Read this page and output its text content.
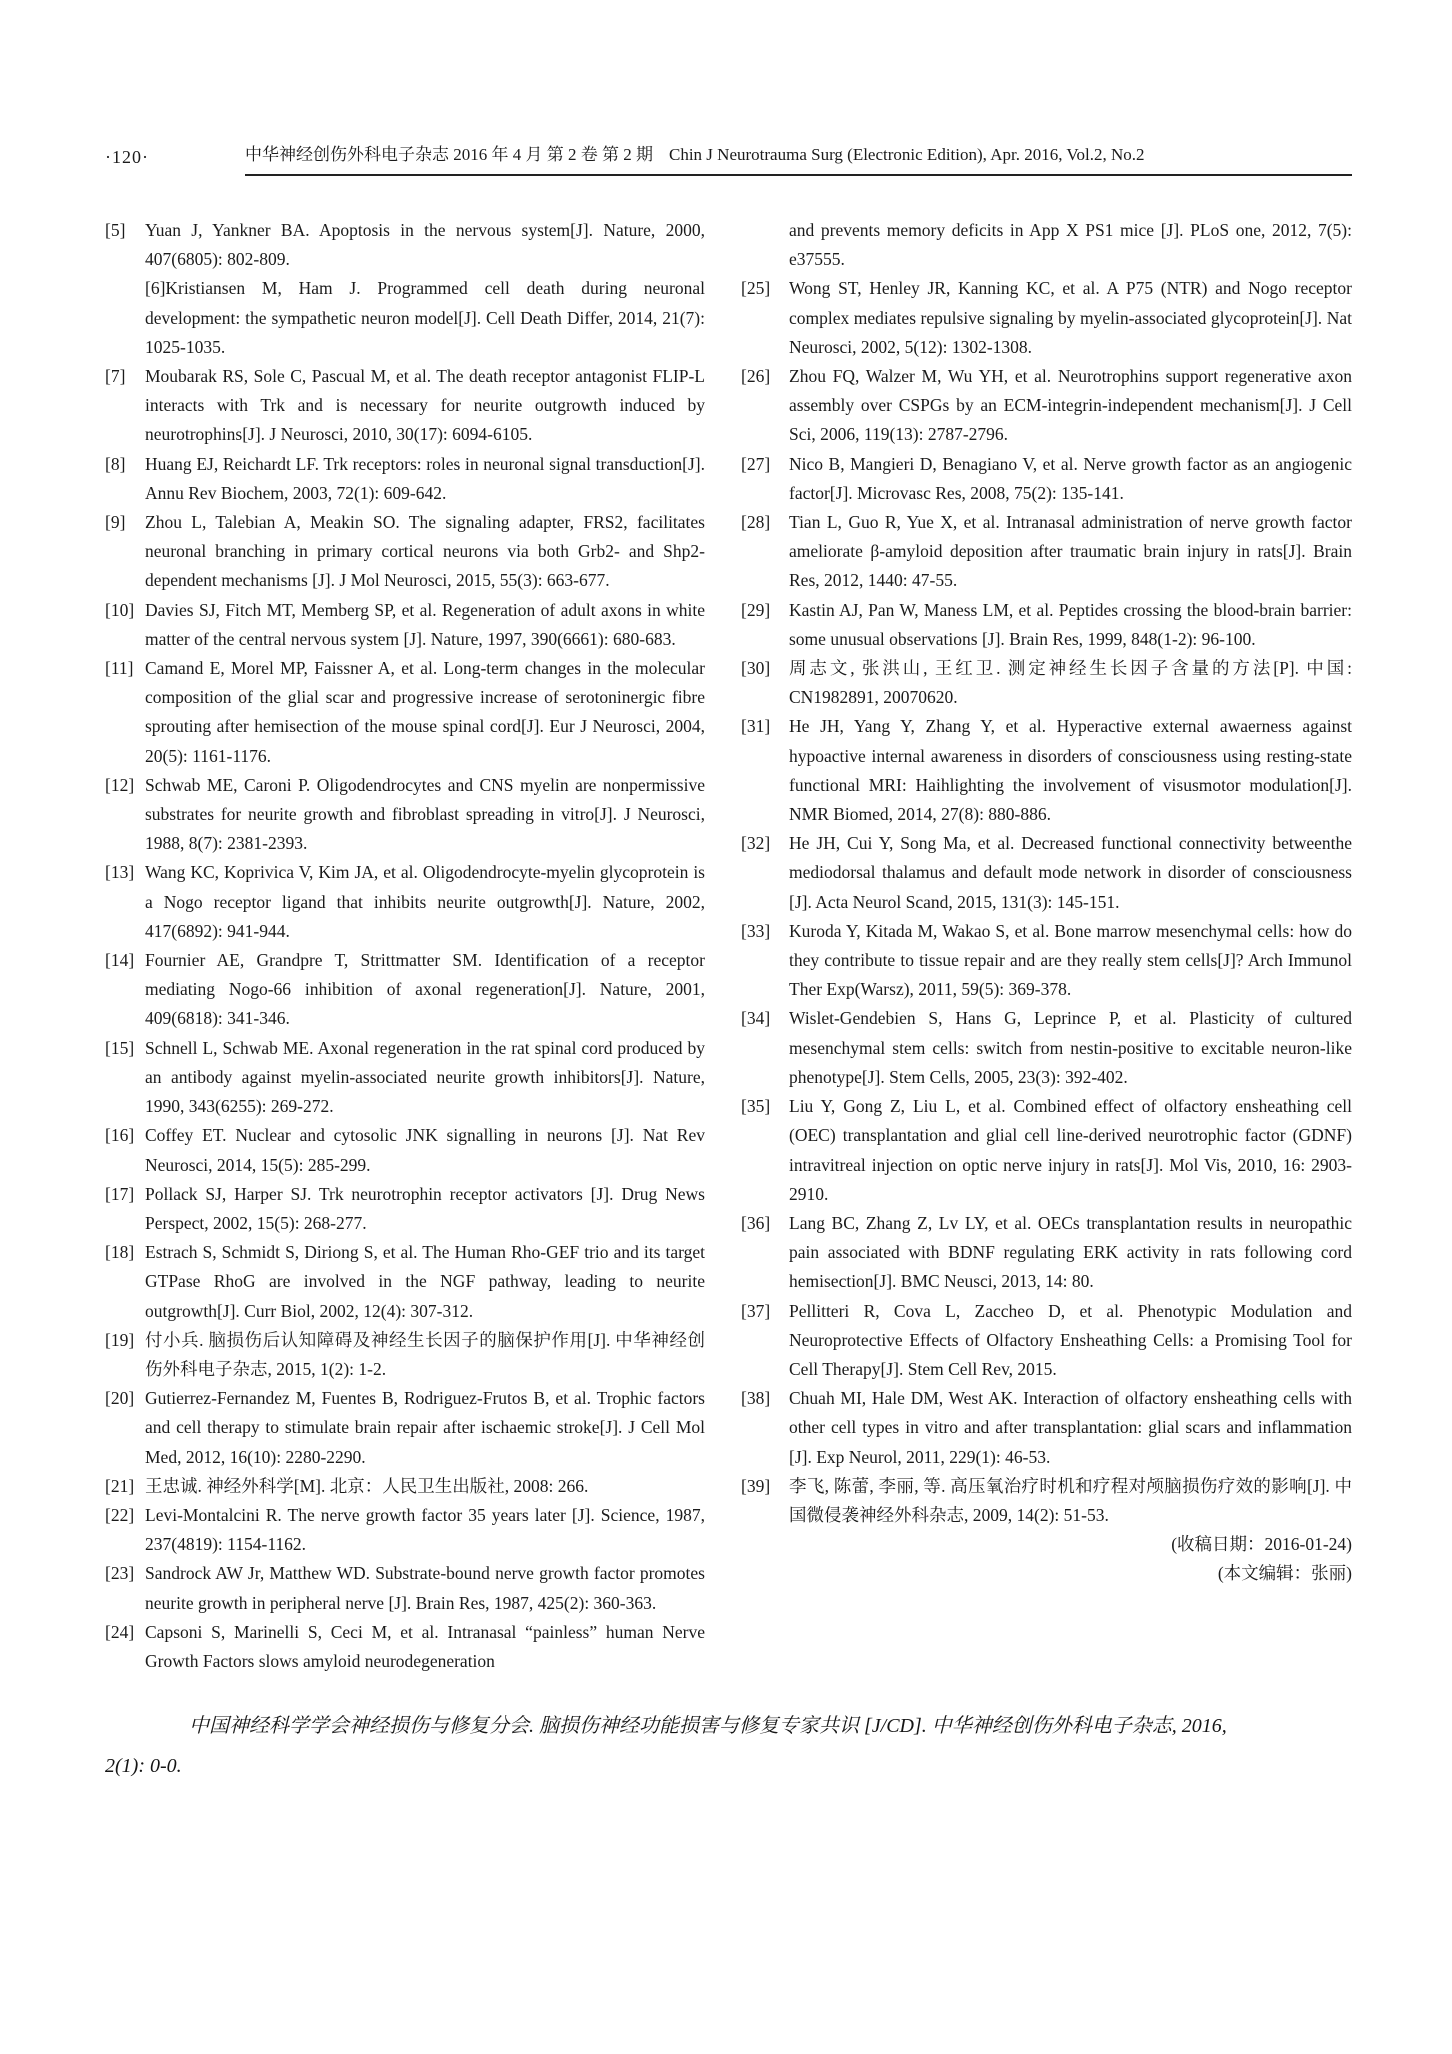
·120·	中华神经创伤外科电子杂志 2016 年 4 月 第 2 卷 第 2 期 Chin J Neurotrauma Surg (Electronic Edition), Apr. 2016, Vol.2, No.2
[5]	Yuan J, Yankner BA. Apoptosis in the nervous system[J]. Nature, 2000, 407(6805): 802-809.
[6]Kristiansen M, Ham J. Programmed cell death during neuronal development: the sympathetic neuron model[J]. Cell Death Differ, 2014, 21(7): 1025-1035.
[7]	Moubarak RS, Sole C, Pascual M, et al. The death receptor antagonist FLIP-L interacts with Trk and is necessary for neurite outgrowth induced by neurotrophins[J]. J Neurosci, 2010, 30(17): 6094-6105.
[8]	Huang EJ, Reichardt LF. Trk receptors: roles in neuronal signal transduction[J]. Annu Rev Biochem, 2003, 72(1): 609-642.
[9]	Zhou L, Talebian A, Meakin SO. The signaling adapter, FRS2, facilitates neuronal branching in primary cortical neurons via both Grb2- and Shp2-dependent mechanisms [J]. J Mol Neurosci, 2015, 55(3): 663-677.
[10] Davies SJ, Fitch MT, Memberg SP, et al. Regeneration of adult axons in white matter of the central nervous system [J]. Nature, 1997, 390(6661): 680-683.
[11] Camand E, Morel MP, Faissner A, et al. Long-term changes in the molecular composition of the glial scar and progressive increase of serotoninergic fibre sprouting after hemisection of the mouse spinal cord[J]. Eur J Neurosci, 2004, 20(5): 1161-1176.
[12] Schwab ME, Caroni P. Oligodendrocytes and CNS myelin are nonpermissive substrates for neurite growth and fibroblast spreading in vitro[J]. J Neurosci, 1988, 8(7): 2381-2393.
[13] Wang KC, Koprivica V, Kim JA, et al. Oligodendrocyte-myelin glycoprotein is a Nogo receptor ligand that inhibits neurite outgrowth[J]. Nature, 2002, 417(6892): 941-944.
[14] Fournier AE, Grandpre T, Strittmatter SM. Identification of a receptor mediating Nogo-66 inhibition of axonal regeneration[J]. Nature, 2001, 409(6818): 341-346.
[15] Schnell L, Schwab ME. Axonal regeneration in the rat spinal cord produced by an antibody against myelin-associated neurite growth inhibitors[J]. Nature, 1990, 343(6255): 269-272.
[16] Coffey ET. Nuclear and cytosolic JNK signalling in neurons [J]. Nat Rev Neurosci, 2014, 15(5): 285-299.
[17] Pollack SJ, Harper SJ. Trk neurotrophin receptor activators [J]. Drug News Perspect, 2002, 15(5): 268-277.
[18] Estrach S, Schmidt S, Diriong S, et al. The Human Rho-GEF trio and its target GTPase RhoG are involved in the NGF pathway, leading to neurite outgrowth[J]. Curr Biol, 2002, 12(4): 307-312.
[19] 付小兵. 脑损伤后认知障碍及神经生长因子的脑保护作用[J]. 中华神经创伤外科电子杂志, 2015, 1(2): 1-2.
[20] Gutierrez-Fernandez M, Fuentes B, Rodriguez-Frutos B, et al. Trophic factors and cell therapy to stimulate brain repair after ischaemic stroke[J]. J Cell Mol Med, 2012, 16(10): 2280-2290.
[21] 王忠诚. 神经外科学[M]. 北京：人民卫生出版社, 2008: 266.
[22] Levi-Montalcini R. The nerve growth factor 35 years later [J]. Science, 1987, 237(4819): 1154-1162.
[23] Sandrock AW Jr, Matthew WD. Substrate-bound nerve growth factor promotes neurite growth in peripheral nerve [J]. Brain Res, 1987, 425(2): 360-363.
[24] Capsoni S, Marinelli S, Ceci M, et al. Intranasal “painless” human Nerve Growth Factors slows amyloid neurodegeneration
and prevents memory deficits in App X PS1 mice [J]. PLoS one, 2012, 7(5): e37555.
[25]	Wong ST, Henley JR, Kanning KC, et al. A P75 (NTR) and Nogo receptor complex mediates repulsive signaling by myelin-associated glycoprotein[J]. Nat Neurosci, 2002, 5(12): 1302-1308.
[26]	Zhou FQ, Walzer M, Wu YH, et al. Neurotrophins support regenerative axon assembly over CSPGs by an ECM-integrin-independent mechanism[J]. J Cell Sci, 2006, 119(13): 2787-2796.
[27]	Nico B, Mangieri D, Benagiano V, et al. Nerve growth factor as an angiogenic factor[J]. Microvasc Res, 2008, 75(2): 135-141.
[28]	Tian L, Guo R, Yue X, et al. Intranasal administration of nerve growth factor ameliorate β-amyloid deposition after traumatic brain injury in rats[J]. Brain Res, 2012, 1440: 47-55.
[29]	Kastin AJ, Pan W, Maness LM, et al. Peptides crossing the blood-brain barrier: some unusual observations [J]. Brain Res, 1999, 848(1-2): 96-100.
[30]	周志文, 张洪山, 王红卫. 测定神经生长因子含量的方法[P]. 中国: CN1982891, 20070620.
[31]	He JH, Yang Y, Zhang Y, et al. Hyperactive external awaerness against hypoactive internal awareness in disorders of consciousness using resting-state functional MRI: Haihlighting the involvement of visusmotor modulation[J]. NMR Biomed, 2014, 27(8): 880-886.
[32]	He JH, Cui Y, Song Ma, et al. Decreased functional connectivity betweenthe mediodorsal thalamus and default mode network in disorder of consciousness [J]. Acta Neurol Scand, 2015, 131(3): 145-151.
[33]	Kuroda Y, Kitada M, Wakao S, et al. Bone marrow mesenchymal cells: how do they contribute to tissue repair and are they really stem cells[J]? Arch Immunol Ther Exp(Warsz), 2011, 59(5): 369-378.
[34]	Wislet-Gendebien S, Hans G, Leprince P, et al. Plasticity of cultured mesenchymal stem cells: switch from nestin-positive to excitable neuron-like phenotype[J]. Stem Cells, 2005, 23(3): 392-402.
[35]	Liu Y, Gong Z, Liu L, et al. Combined effect of olfactory ensheathing cell (OEC) transplantation and glial cell line-derived neurotrophic factor (GDNF) intravitreal injection on optic nerve injury in rats[J]. Mol Vis, 2010, 16: 2903-2910.
[36]	Lang BC, Zhang Z, Lv LY, et al. OECs transplantation results in neuropathic pain associated with BDNF regulating ERK activity in rats following cord hemisection[J]. BMC Neusci, 2013, 14: 80.
[37]	Pellitteri R, Cova L, Zaccheo D, et al. Phenotypic Modulation and Neuroprotective Effects of Olfactory Ensheathing Cells: a Promising Tool for Cell Therapy[J]. Stem Cell Rev, 2015.
[38]	Chuah MI, Hale DM, West AK. Interaction of olfactory ensheathing cells with other cell types in vitro and after transplantation: glial scars and inflammation [J]. Exp Neurol, 2011, 229(1): 46-53.
[39]	李飞, 陈蕾, 李丽, 等. 高压氧治疗时机和疗程对颅脑损伤疗效的影响[J]. 中国微侵袭神经外科杂志, 2009, 14(2): 51-53.
(收稿日期：2016-01-24)
(本文编辑：张丽)
中国神经科学学会神经损伤与修复分会. 脑损伤神经功能损害与修复专家共识 [J/CD]. 中华神经创伤外科电子杂志, 2016,
2(1): 0-0.
